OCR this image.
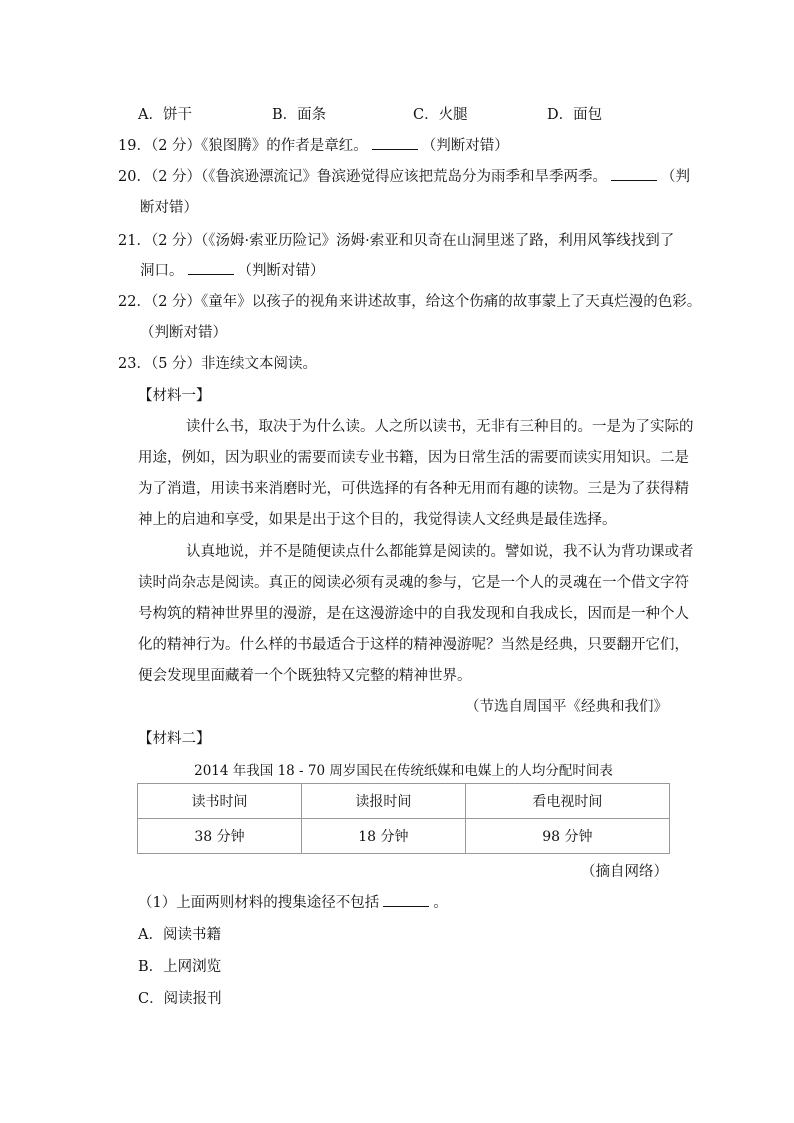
A．饼干	B．面条	C．火腿	D．面包
19．（2 分）《狼图腾》的作者是章红。	（判断对错）
20．（2 分）（《鲁滨逊漂流记》鲁滨逊觉得应该把荒岛分为雨季和旱季两季。	（判
断对错）
21．（2 分）（《汤姆·索亚历险记》汤姆·索亚和贝奇在山洞里迷了路，利用风筝线找到了
洞口。	（判断对错）
22．（2 分）《童年》以孩子的视角来讲述故事，给这个伤痛的故事蒙上了天真烂漫的色彩。
（判断对错）
23．（5 分）非连续文本阅读。
【材料一】
读什么书，取决于为什么读。人之所以读书，无非有三种目的。一是为了实际的
用途，例如，因为职业的需要而读专业书籍，因为日常生活的需要而读实用知识。二是
为了消遣，用读书来消磨时光，可供选择的有各种无用而有趣的读物。三是为了获得精
神上的启迪和享受，如果是出于这个目的，我觉得读人文经典是最佳选择。
认真地说，并不是随便读点什么都能算是阅读的。譬如说，我不认为背功课或者
读时尚杂志是阅读。真正的阅读必须有灵魂的参与，它是一个人的灵魂在一个借文字符
号构筑的精神世界里的漫游，是在这漫游途中的自我发现和自我成长，因而是一种个人
化的精神行为。什么样的书最适合于这样的精神漫游呢？当然是经典，只要翻开它们，
便会发现里面藏着一个个既独特又完整的精神世界。
（节选自周国平《经典和我们》
【材料二】
2014 年我国 18 - 70 周岁国民在传统纸媒和电媒上的人均分配时间表
读书时间	读报时间	看电视时间
38 分钟	18 分钟	98 分钟
（摘自网络）
（1）上面两则材料的搜集途径不包括	。
A．阅读书籍
B．上网浏览
C．阅读报刊
